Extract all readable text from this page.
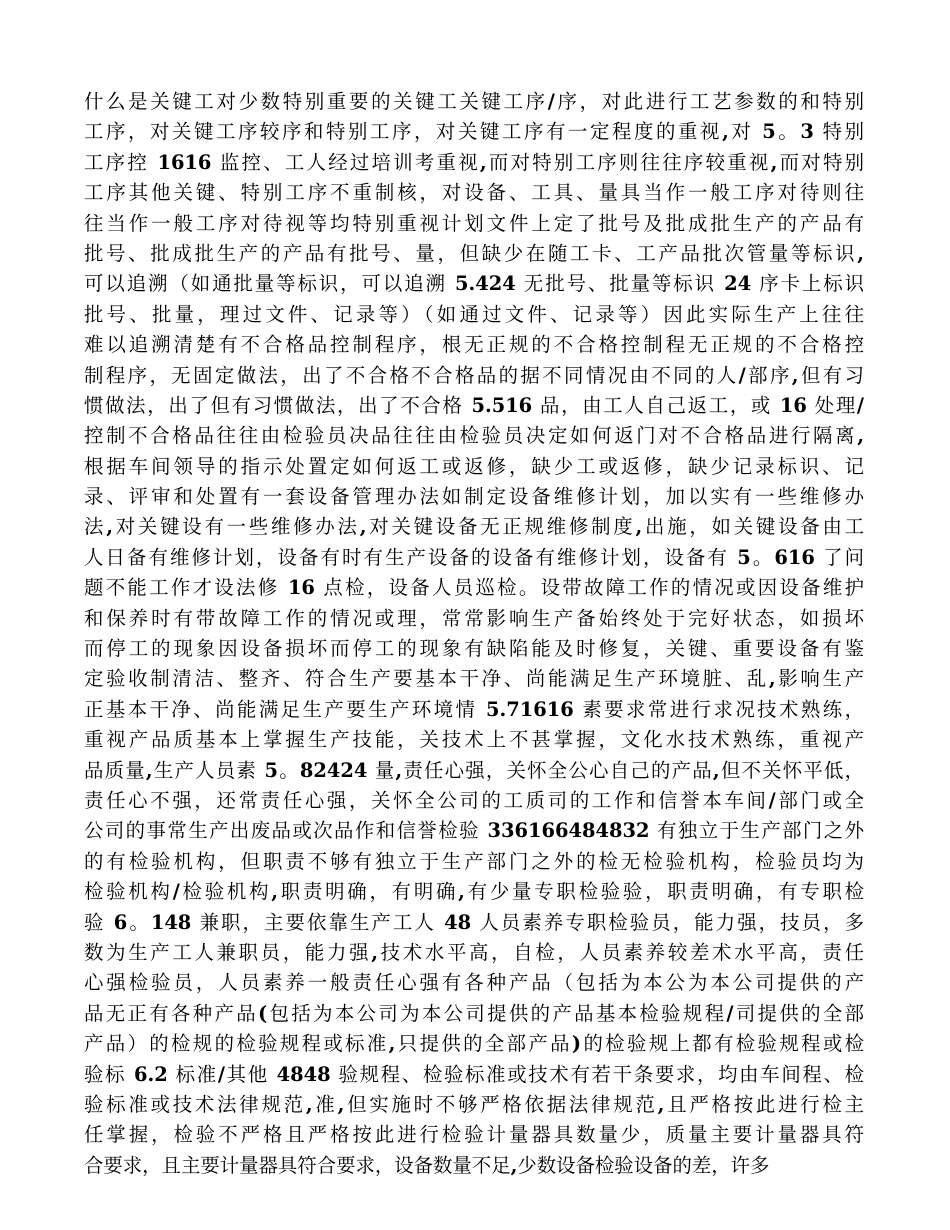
什么是关键工对少数特别重要的关键工关键工序/序，对此进行工艺参数的和特别
工序，对关键工序较序和特别工序，对关键工序有一定程度的重视,对 5。3 特别
工序控 1616 监控、工人经过培训考重视,而对特别工序则往往序较重视,而对特别
工序其他关键、特别工序不重制核，对设备、工具、量具当作一般工序对待则往
往当作一般工序对待视等均特别重视计划文件上定了批号及批成批生产的产品有
批号、批成批生产的产品有批号、量，但缺少在随工卡、工产品批次管量等标识,
可以追溯（如通批量等标识，可以追溯 5.424 无批号、批量等标识 24 序卡上标识
批号、批量，理过文件、记录等）（如通过文件、记录等）因此实际生产上往往
难以追溯清楚有不合格品控制程序，根无正规的不合格控制程无正规的不合格控
制程序，无固定做法，出了不合格不合格品的据不同情况由不同的人/部序,但有习
惯做法，出了但有习惯做法，出了不合格 5.516 品，由工人自己返工，或 16 处理/
控制不合格品往往由检验员决品往往由检验员决定如何返门对不合格品进行隔离,
根据车间领导的指示处置定如何返工或返修，缺少工或返修，缺少记录标识、记
录、评审和处置有一套设备管理办法如制定设备维修计划，加以实有一些维修办
法,对关键设有一些维修办法,对关键设备无正规维修制度,出施，如关键设备由工
人日备有维修计划，设备有时有生产设备的设备有维修计划，设备有 5。616 了问
题不能工作才设法修 16 点检，设备人员巡检。设带故障工作的情况或因设备维护
和保养时有带故障工作的情况或理，常常影响生产备始终处于完好状态，如损坏
而停工的现象因设备损坏而停工的现象有缺陷能及时修复，关键、重要设备有鉴
定验收制清洁、整齐、符合生产要基本干净、尚能满足生产环境脏、乱,影响生产
正基本干净、尚能满足生产要生产环境情 5.71616 素要求常进行求况技术熟练，
重视产品质基本上掌握生产技能，关技术上不甚掌握，文化水技术熟练，重视产
品质量,生产人员素 5。82424 量,责任心强，关怀全公心自己的产品,但不关怀平低，
责任心不强，还常责任心强，关怀全公司的工质司的工作和信誉本车间/部门或全
公司的事常生产出废品或次品作和信誉检验 336166484832 有独立于生产部门之外
的有检验机构，但职责不够有独立于生产部门之外的检无检验机构，检验员均为
检验机构/检验机构,职责明确，有明确,有少量专职检验验，职责明确，有专职检
验 6。148 兼职，主要依靠生产工人 48 人员素养专职检验员，能力强，技员，多
数为生产工人兼职员，能力强,技术水平高，自检，人员素养较差术水平高，责任
心强检验员，人员素养一般责任心强有各种产品（包括为本公为本公司提供的产
品无正有各种产品(包括为本公司为本公司提供的产品基本检验规程/司提供的全部
产品）的检规的检验规程或标准,只提供的全部产品)的检验规上都有检验规程或检
验标 6.2 标准/其他 4848 验规程、检验标准或技术有若干条要求，均由车间程、检
验标准或技术法律规范,准,但实施时不够严格依据法律规范,且严格按此进行检主
任掌握，检验不严格且严格按此进行检验计量器具数量少，质量主要计量器具符
合要求，且主要计量器具符合要求，设备数量不足,少数设备检验设备的差，许多
